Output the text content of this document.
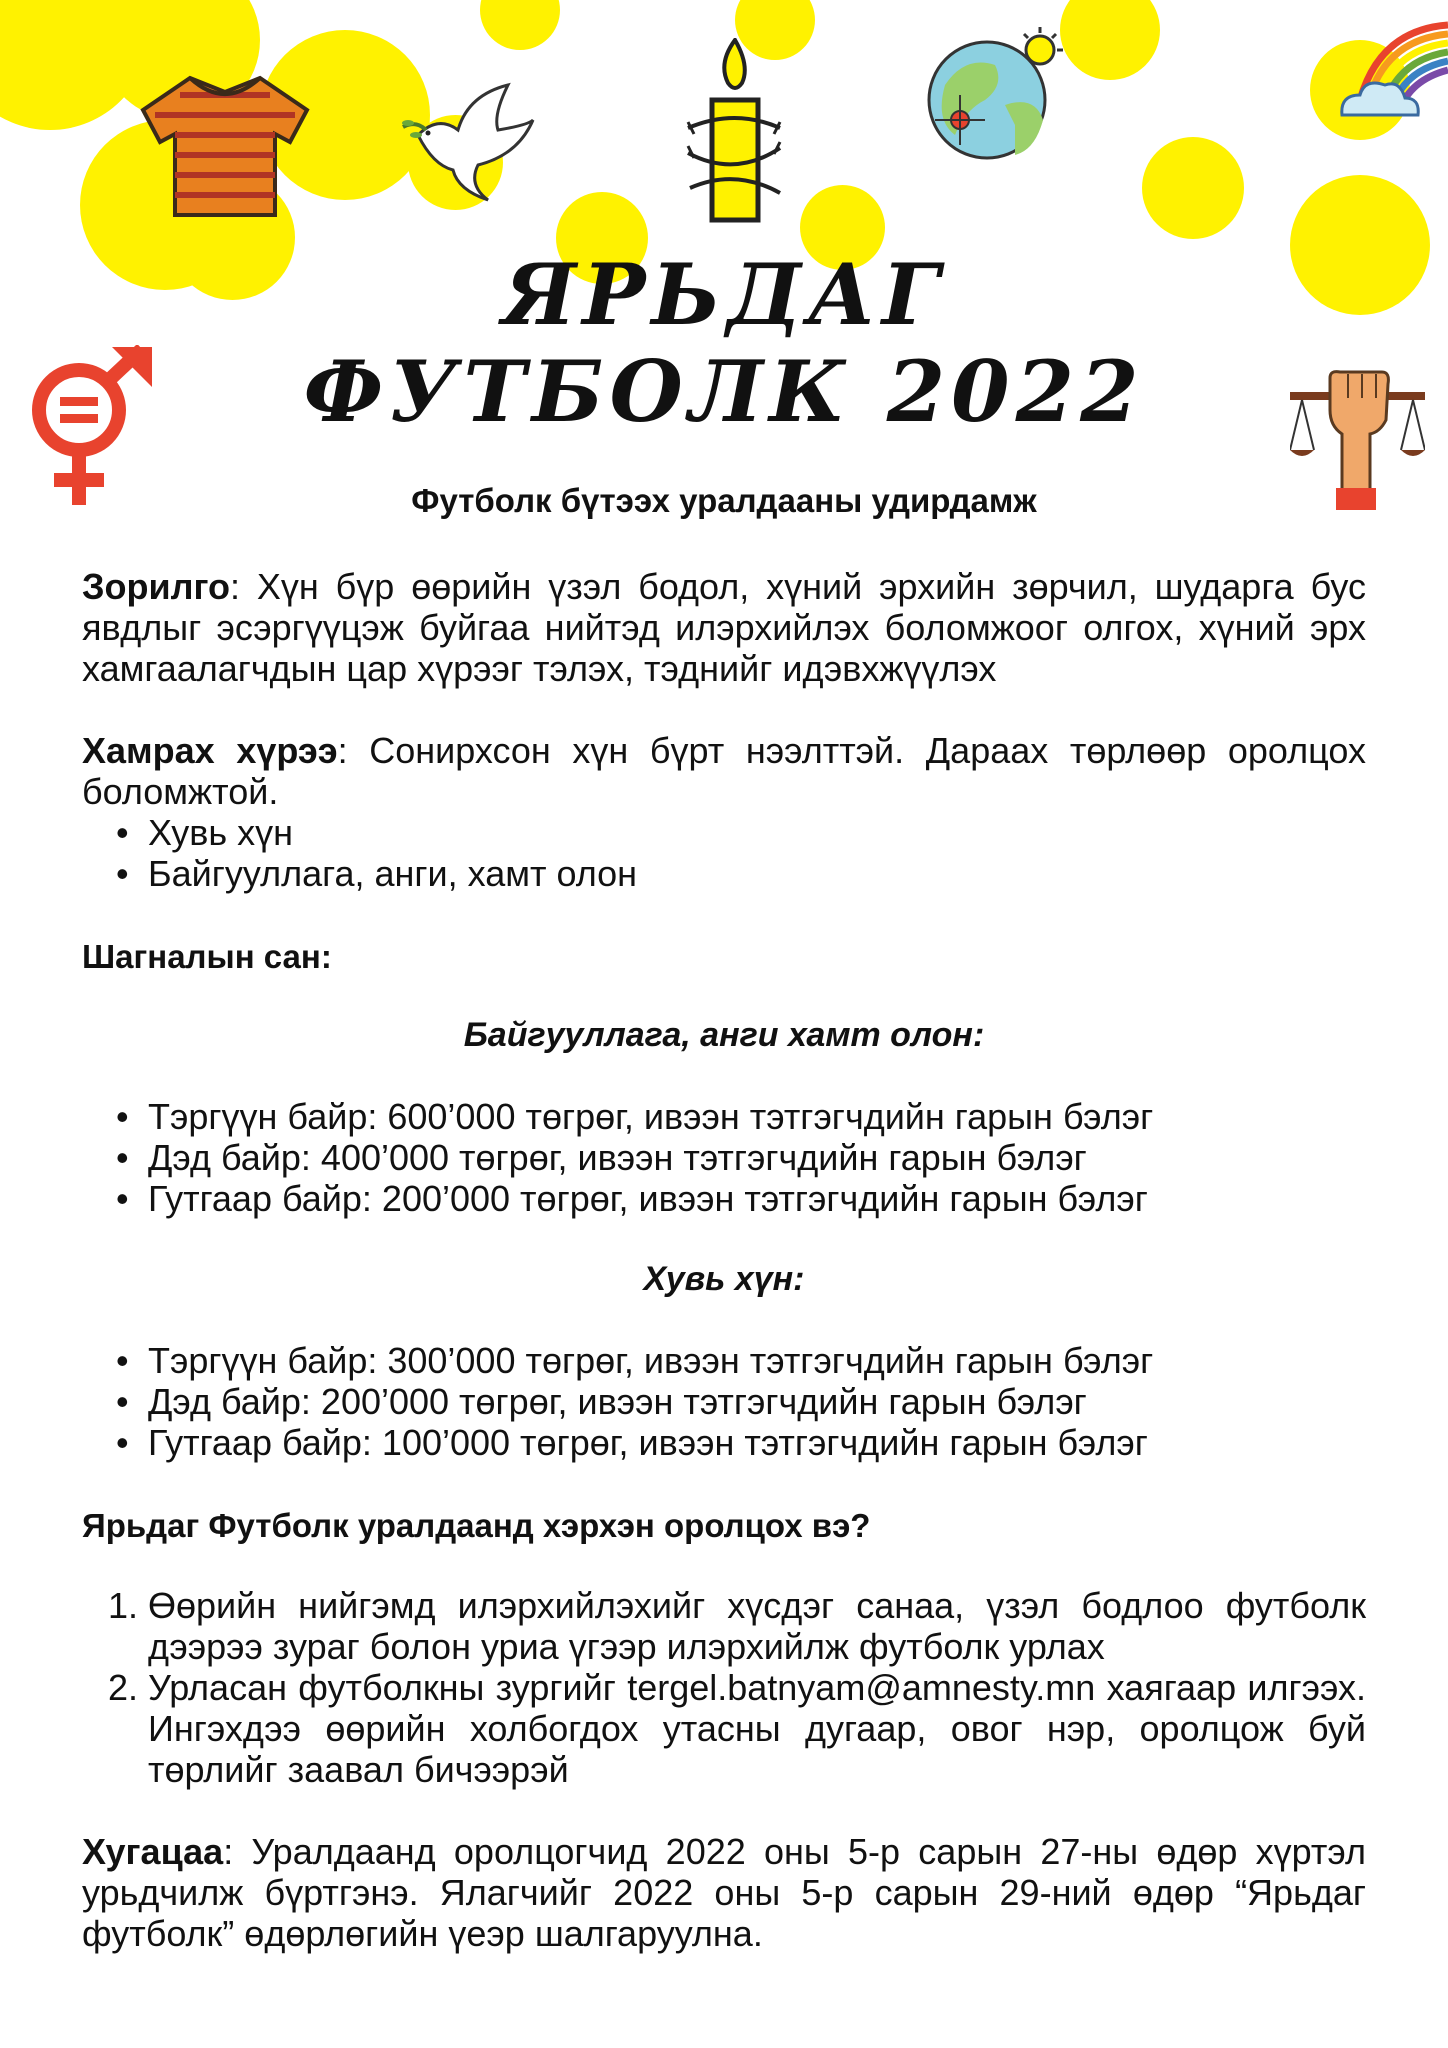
ЯРЬДАГ
ФУТБОЛК 2022

Футболк бүтээх уралдааны удирдамж

Зорилго: Хүн бүр өөрийн үзэл бодол, хүний эрхийн зөрчил, шударга бус явдлыг эсэргүүцэж буйгаа нийтэд илэрхийлэх боломжоог олгох, хүний эрх хамгаалагчдын цар хүрээг тэлэх, тэднийг идэвхжүүлэх

Хамрах хүрээ: Сонирхсон хүн бүрт нээлттэй. Дараах төрлөөр оролцох боломжтой.

• Хувь хүн
• Байгууллага, анги, хамт олон

Шагналын сан:

Байгууллага, анги хамт олон:

• Тэргүүн байр: 600’000 төгрөг, ивээн тэтгэгчдийн гарын бэлэг
• Дэд байр: 400’000 төгрөг, ивээн тэтгэгчдийн гарын бэлэг
• Гутгаар байр: 200’000 төгрөг, ивээн тэтгэгчдийн гарын бэлэг

Хувь хүн:

• Тэргүүн байр: 300’000 төгрөг, ивээн тэтгэгчдийн гарын бэлэг
• Дэд байр: 200’000 төгрөг, ивээн тэтгэгчдийн гарын бэлэг
• Гутгаар байр: 100’000 төгрөг, ивээн тэтгэгчдийн гарын бэлэг

Ярьдаг Футболк уралдаанд хэрхэн оролцох вэ?

1. Өөрийн нийгэмд илэрхийлэхийг хүсдэг санаа, үзэл бодлоо футболк дээрээ зураг болон уриа үгээр илэрхийлж футболк урлах
2. Урласан футболкны зургийг tergel.batnyam@amnesty.mn хаягаар илгээх. Ингэхдээ өөрийн холбогдох утасны дугаар, овог нэр, оролцож буй төрлийг заавал бичээрэй

Хугацаа: Уралдаанд оролцогчид 2022 оны 5-р сарын 27-ны өдөр хүртэл урьдчилж бүртгэнэ. Ялагчийг 2022 оны 5-р сарын 29-ний өдөр “Ярьдаг футболк” өдөрлөгийн үеэр шалгаруулна.
